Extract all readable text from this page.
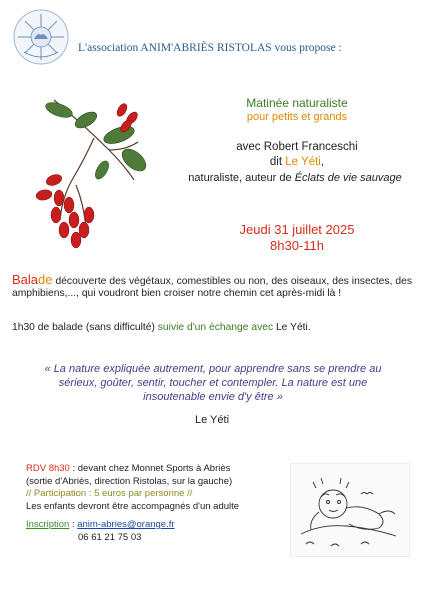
L'association ANIM'ABRIÈS RISTOLAS vous propose :
Matinée naturaliste
pour petits et grands
avec Robert Franceschi
dit Le Yéti,
naturaliste, auteur de Éclats de vie sauvage
Jeudi 31 juillet 2025
8h30-11h
Balade découverte des végétaux, comestibles ou non, des oiseaux, des insectes, des amphibiens,..., qui voudront bien croiser notre chemin cet après-midi là !
1h30 de balade (sans difficulté) suivie d'un échange avec Le Yéti.
« La nature expliquée autrement, pour apprendre sans se prendre au sérieux, goûter, sentir, toucher et contempler. La nature est une insoutenable envie d'y être »
Le Yéti
RDV 8h30 : devant chez Monnet Sports à Abriès
(sortie d'Abriès, direction Ristolas, sur la gauche)
// Participation : 5 euros par personne //
Les enfants devront être accompagnés d'un adulte
Inscription : anim-abries@orange.fr
06 61 21 75 03
